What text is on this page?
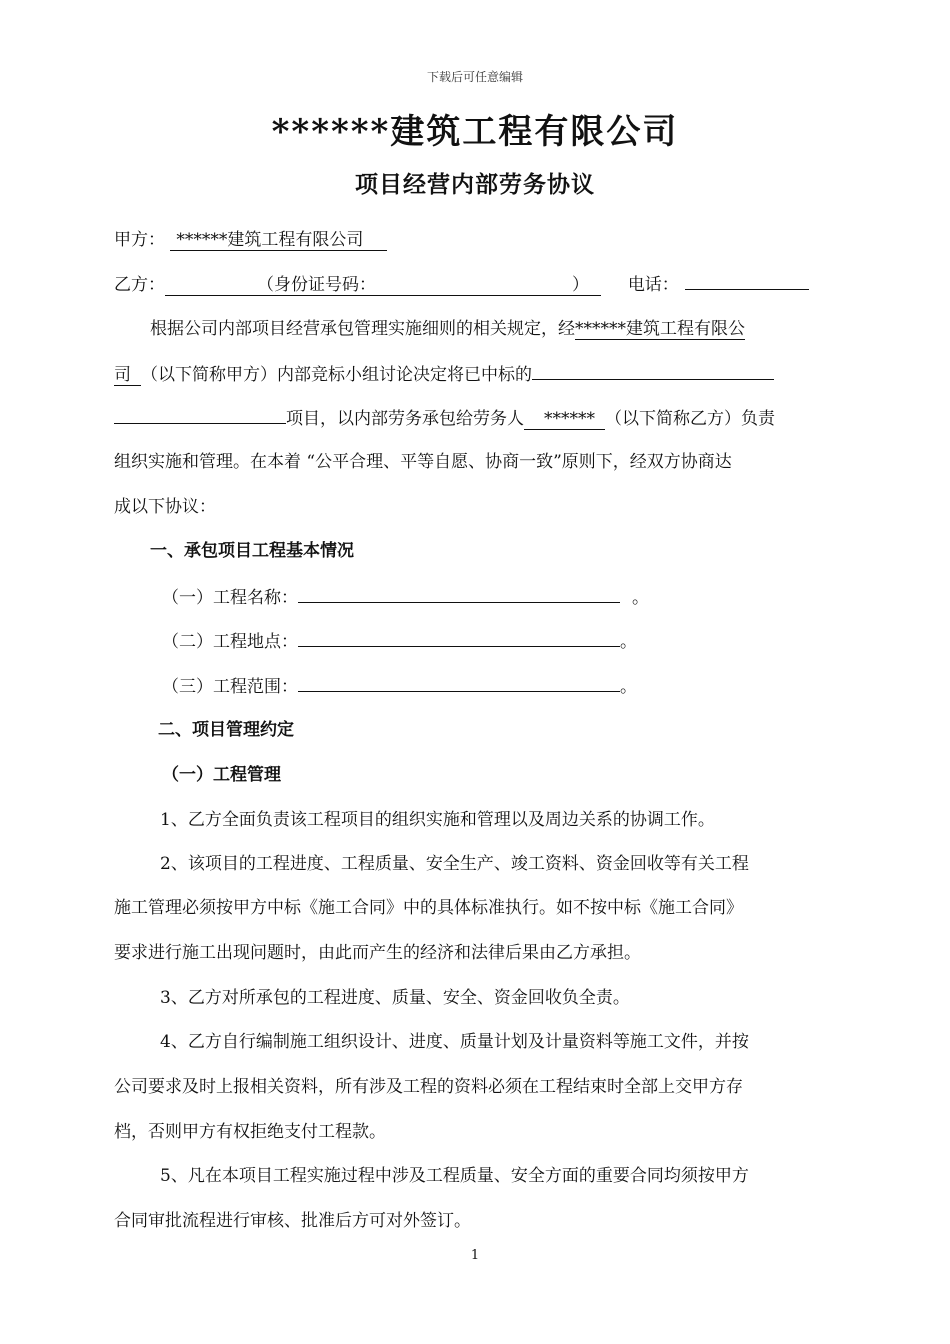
下载后可任意编辑
******建筑工程有限公司
项目经营内部劳务协议
甲方： ******建筑工程有限公司
乙方：	（身份证号码：	） 电话：
根据公司内部项目经营承包管理实施细则的相关规定，经******建筑工程有限公
司 （以下简称甲方）内部竞标小组讨论决定将已中标的
项目，以内部劳务承包给劳务人 ****** （以下简称乙方）负责
组织实施和管理。在本着 “公平合理、平等自愿、协商一致”原则下，经双方协商达
成以下协议：
一、承包项目工程基本情况
（一）工程名称：	。
（二）工程地点：	。
（三）工程范围：	。
二、项目管理约定
（一）工程管理
1、乙方全面负责该工程项目的组织实施和管理以及周边关系的协调工作。
2、该项目的工程进度、工程质量、安全生产、竣工资料、资金回收等有关工程
施工管理必须按甲方中标《施工合同》中的具体标准执行。如不按中标《施工合同》
要求进行施工出现问题时，由此而产生的经济和法律后果由乙方承担。
3、乙方对所承包的工程进度、质量、安全、资金回收负全责。
4、乙方自行编制施工组织设计、进度、质量计划及计量资料等施工文件，并按
公司要求及时上报相关资料，所有涉及工程的资料必须在工程结束时全部上交甲方存
档，否则甲方有权拒绝支付工程款。
5、凡在本项目工程实施过程中涉及工程质量、安全方面的重要合同均须按甲方
合同审批流程进行审核、批准后方可对外签订。
1
